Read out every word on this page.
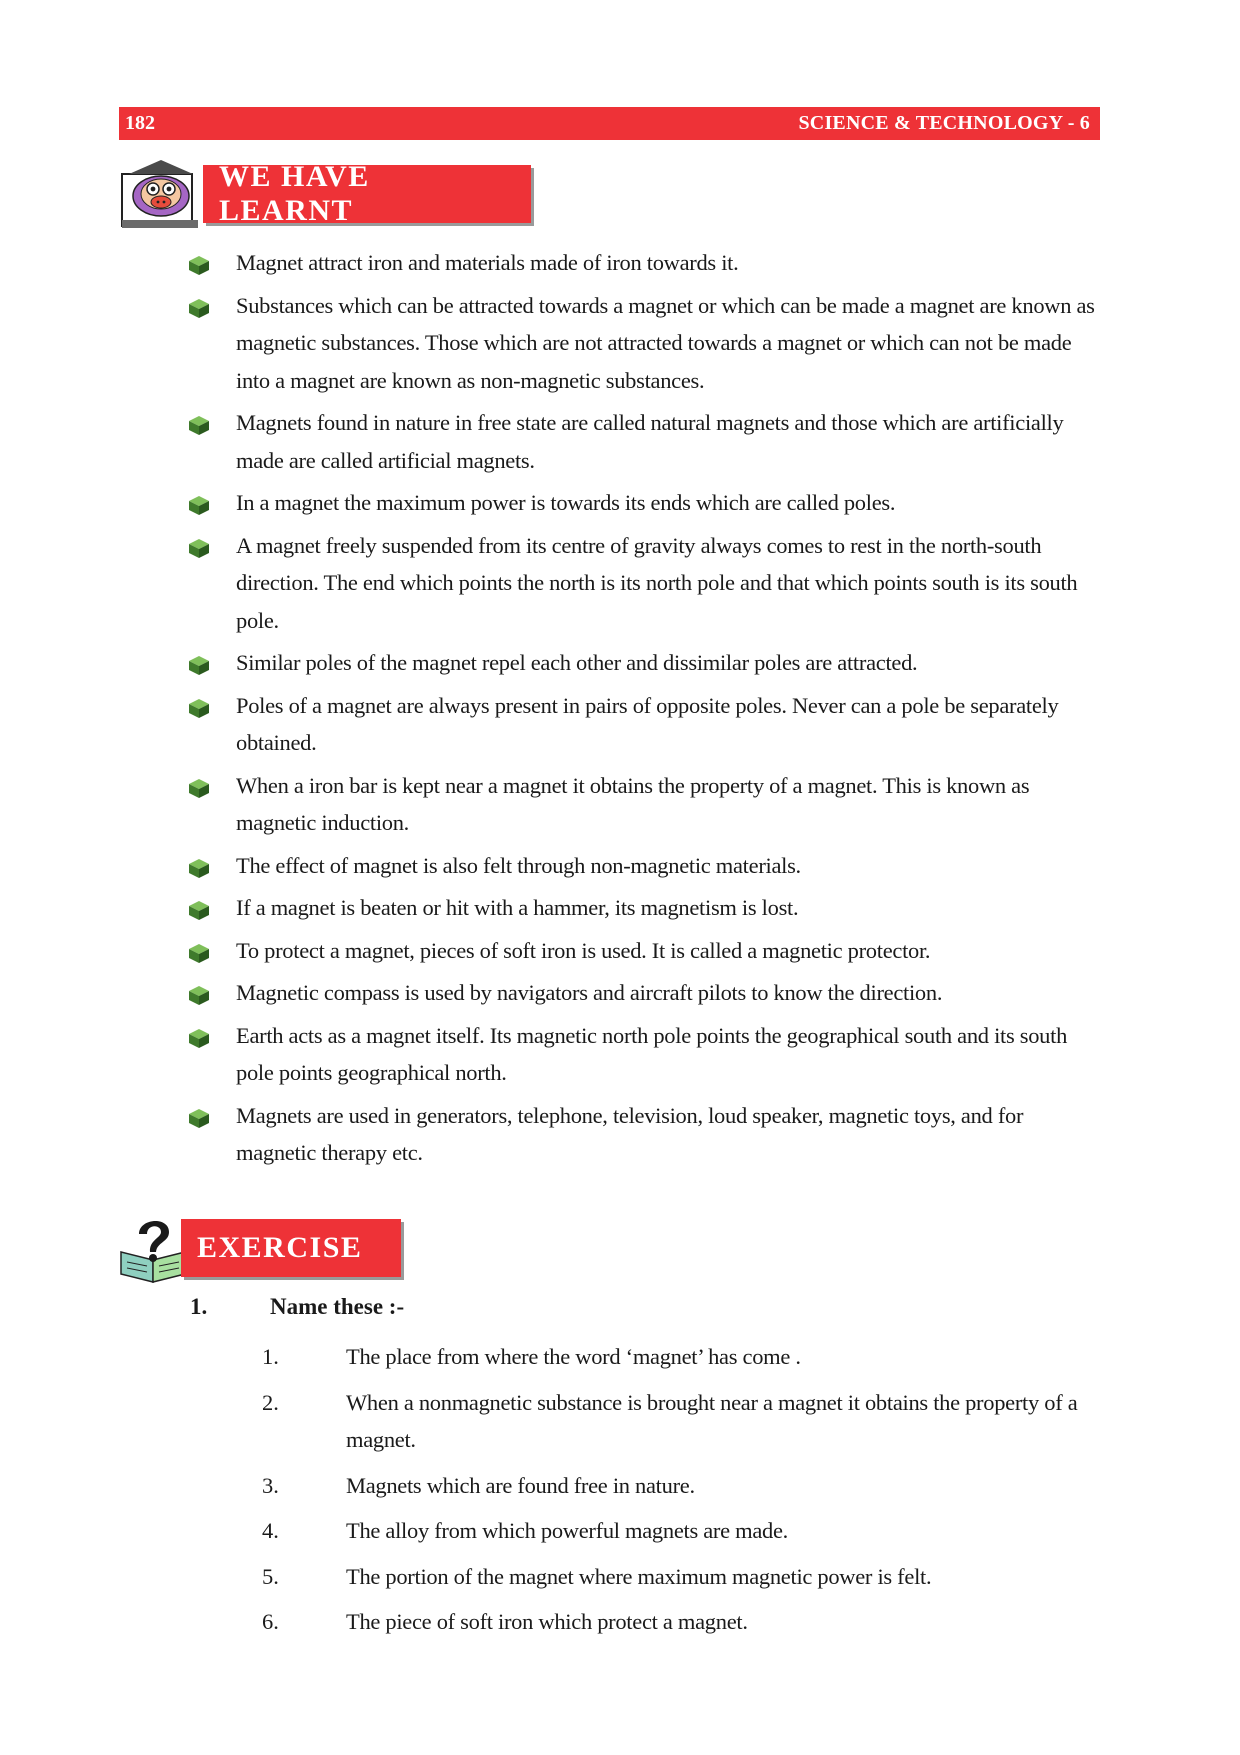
182	SCIENCE & TECHNOLOGY - 6
WE HAVE LEARNT
Magnet attract iron and materials made of iron towards it.
Substances which can be attracted towards a magnet or which can be made a magnet are known as magnetic substances. Those which are not attracted towards a magnet or which can not be made into a magnet are known as non-magnetic substances.
Magnets found in nature in free state are called natural magnets and those which are artificially made are called artificial magnets.
In a magnet the maximum power is towards its ends which are called poles.
A magnet freely suspended from its centre of gravity always comes to rest in the north-south direction. The end which points the north is its north pole and that which points south is its south pole.
Similar poles of the magnet repel each other and dissimilar poles are attracted.
Poles of a magnet are always present in pairs of opposite poles. Never can a pole be separately obtained.
When a iron bar is kept near a magnet it obtains the property of a magnet. This is known as magnetic induction.
The effect of magnet is also felt through non-magnetic materials.
If a magnet is beaten or hit with a hammer, its magnetism is lost.
To protect a magnet, pieces of soft iron is used. It is called a magnetic protector.
Magnetic compass is used by navigators and aircraft pilots to know the direction.
Earth acts as a magnet itself. Its magnetic north pole points the geographical south and its south pole points geographical north.
Magnets are used in generators, telephone, television, loud speaker, magnetic toys, and for magnetic therapy etc.
EXERCISE
1.	Name these :-
1.	The place from where the word ‘magnet’ has come .
2.	When a nonmagnetic substance is brought near a magnet it obtains the property of a magnet.
3.	Magnets which are found free in nature.
4.	The alloy from which powerful magnets are made.
5.	The portion of the magnet where maximum magnetic power is felt.
6.	The piece of soft iron which protect a magnet.
